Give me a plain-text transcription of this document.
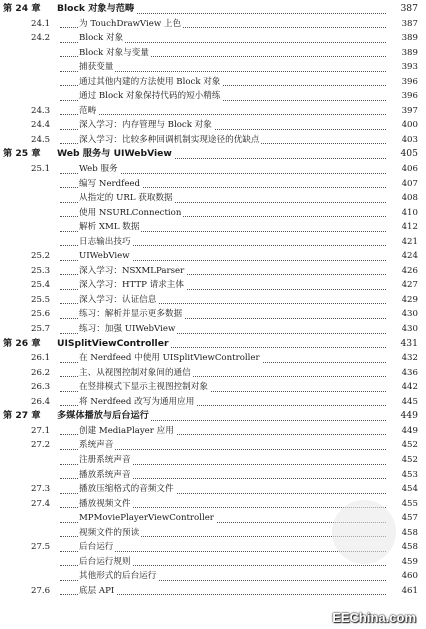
第 24 章 Block 对象与范畴	387
24.1	为 TouchDrawView 上色	387
24.2	Block 对象	389
Block 对象与变量	389
捕获变量	393
通过其他内建的方法使用 Block 对象	396
通过 Block 对象保持代码的短小精练	396
24.3	范畴	397
24.4	深入学习：内存管理与 Block 对象	400
24.5	深入学习：比较多种回调机制实现途径的优缺点	403
第 25 章 Web 服务与 UIWebView	405
25.1	Web 服务	406
编写 Nerdfeed	407
从指定的 URL 获取数据	408
使用 NSURLConnection	410
解析 XML 数据	412
日志输出技巧	421
25.2	UIWebView	424
25.3	深入学习：NSXMLParser	426
25.4	深入学习：HTTP 请求主体	427
25.5	深入学习：认证信息	429
25.6	练习：解析并显示更多数据	430
25.7	练习：加强 UIWebView	430
第 26 章 UISplitViewController	431
26.1	在 Nerdfeed 中使用 UISplitViewController	432
26.2	主、从视图控制对象间的通信	436
26.3	在竖排模式下显示主视图控制对象	442
26.4	将 Nerdfeed 改写为通用应用	445
第 27 章 多媒体播放与后台运行	449
27.1	创建 MediaPlayer 应用	449
27.2	系统声音	452
注册系统声音	452
播放系统声音	453
27.3	播放压缩格式的音频文件	454
27.4	播放视频文件	455
MPMoviePlayerViewController	457
视频文件的预读	458
27.5	后台运行	458
后台运行规则	459
其他形式的后台运行	460
27.6	底层 API	461
EEChina.com
